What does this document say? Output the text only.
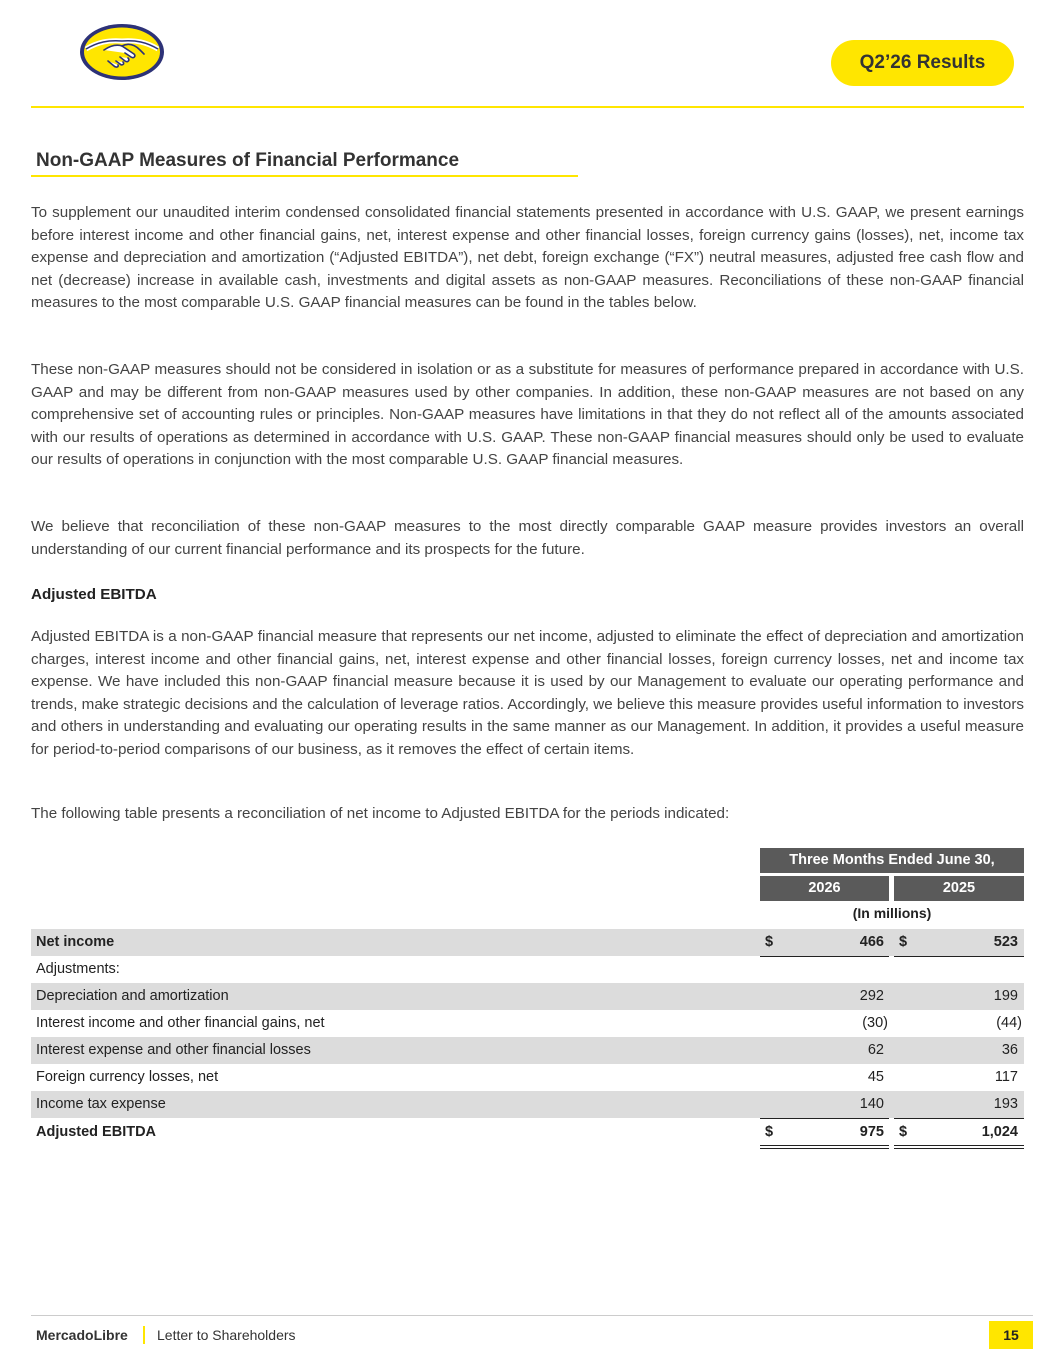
Q2’26 Results
Non-GAAP Measures of Financial Performance

To supplement our unaudited interim condensed consolidated financial statements presented in accordance with U.S. GAAP, we present earnings before interest income and other financial gains, net, interest expense and other financial losses, foreign currency gains (losses), net, income tax expense and depreciation and amortization (“Adjusted EBITDA”), net debt, foreign exchange (“FX”) neutral measures, adjusted free cash flow and net (decrease) increase in available cash, investments and digital assets as non-GAAP measures. Reconciliations of these non-GAAP financial measures to the most comparable U.S. GAAP financial measures can be found in the tables below.

These non-GAAP measures should not be considered in isolation or as a substitute for measures of performance prepared in accordance with U.S. GAAP and may be different from non-GAAP measures used by other companies. In addition, these non-GAAP measures are not based on any comprehensive set of accounting rules or principles. Non-GAAP measures have limitations in that they do not reflect all of the amounts associated with our results of operations as determined in accordance with U.S. GAAP. These non-GAAP financial measures should only be used to evaluate our results of operations in conjunction with the most comparable U.S. GAAP financial measures.

We believe that reconciliation of these non-GAAP measures to the most directly comparable GAAP measure provides investors an overall understanding of our current financial performance and its prospects for the future.

Adjusted EBITDA

Adjusted EBITDA is a non-GAAP financial measure that represents our net income, adjusted to eliminate the effect of depreciation and amortization charges, interest income and other financial gains, net, interest expense and other financial losses, foreign currency losses, net and income tax expense. We have included this non-GAAP financial measure because it is used by our Management to evaluate our operating performance and trends, make strategic decisions and the calculation of leverage ratios. Accordingly, we believe this measure provides useful information to investors and others in understanding and evaluating our operating results in the same manner as our Management. In addition, it provides a useful measure for period-to-period comparisons of our business, as it removes the effect of certain items.

The following table presents a reconciliation of net income to Adjusted EBITDA for the periods indicated:

Three Months Ended June 30,
2026	2025
(In millions)
Net income	$	466 $	523
Adjustments:
Depreciation and amortization	292	199
Interest income and other financial gains, net	(30)	(44)
Interest expense and other financial losses	62	36
Foreign currency losses, net	45	117
Income tax expense	140	193
Adjusted EBITDA	$	975 $	1,024
MercadoLibre Letter to Shareholders	15
